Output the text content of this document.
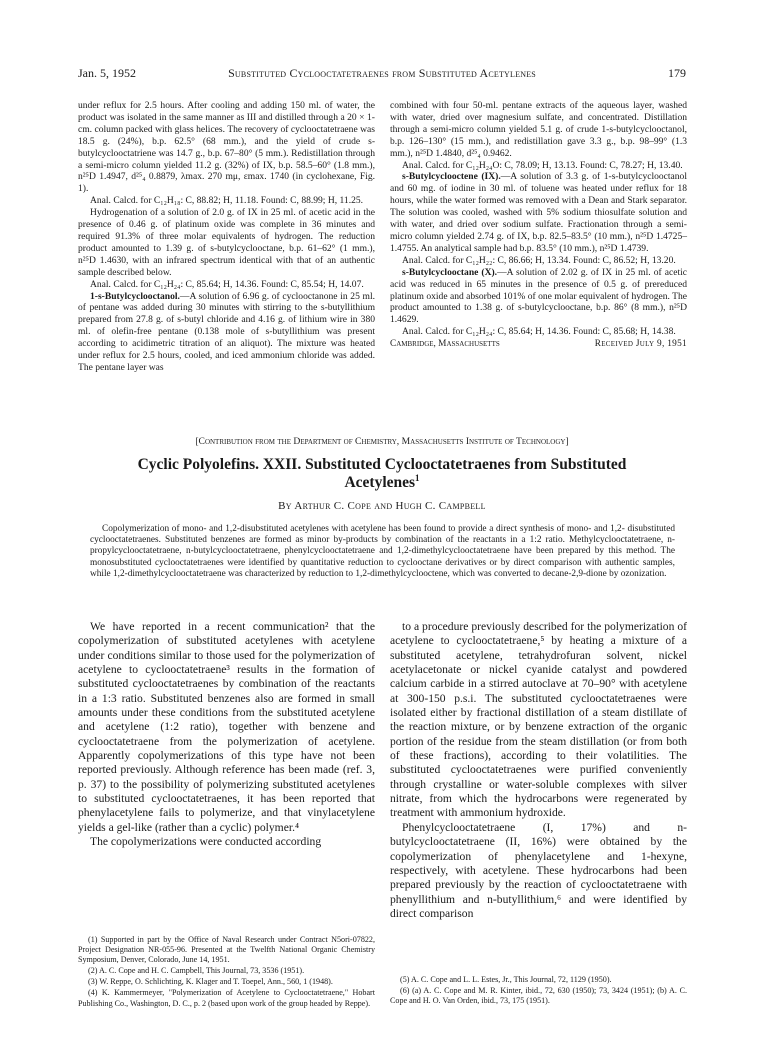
Jan. 5, 1952	Substituted Cyclooctatetraenes from Substituted Acetylenes	179

under reflux for 2.5 hours. After cooling and adding 150 ml. of water, the product was isolated in the same manner as III and distilled through a 20 × 1-cm. column packed with glass helices. The recovery of cyclooctatetraene was 18.5 g. (24%), b.p. 62.5° (68 mm.), and the yield of crude s-butylcyclooctatriene was 14.7 g., b.p. 67–80° (5 mm.). Redistillation through a semi-micro column yielded 11.2 g. (32%) of IX, b.p. 58.5–60° (1.8 mm.), n²⁵D 1.4947, d²⁵₄ 0.8879, λmax. 270 mμ, εmax. 1740 (in cyclohexane, Fig. 1).

Anal. Calcd. for C₁₂H₁₈: C, 88.82; H, 11.18. Found: C, 88.99; H, 11.25.

Hydrogenation of a solution of 2.0 g. of IX in 25 ml. of acetic acid in the presence of 0.46 g. of platinum oxide was complete in 36 minutes and required 91.3% of three molar equivalents of hydrogen. The reduction product amounted to 1.39 g. of s-butylcyclooctane, b.p. 61–62° (1 mm.), n²⁵D 1.4630, with an infrared spectrum identical with that of an authentic sample described below.

Anal. Calcd. for C₁₂H₂₄: C, 85.64; H, 14.36. Found: C, 85.54; H, 14.07.

1-s-Butylcyclooctanol.—A solution of 6.96 g. of cyclooctanone in 25 ml. of pentane was added during 30 minutes with stirring to the s-butyllithium prepared from 27.8 g. of s-butyl chloride and 4.16 g. of lithium wire in 380 ml. of olefin-free pentane (0.138 mole of s-butyllithium was present according to acidimetric titration of an aliquot). The mixture was heated under reflux for 2.5 hours, cooled, and iced ammonium chloride was added. The pentane layer was

combined with four 50-ml. pentane extracts of the aqueous layer, washed with water, dried over magnesium sulfate, and concentrated. Distillation through a semi-micro column yielded 5.1 g. of crude 1-s-butylcyclooctanol, b.p. 126–130° (15 mm.), and redistillation gave 3.3 g., b.p. 98–99° (1.3 mm.), n²⁵D 1.4840, d²⁵₄ 0.9462.

Anal. Calcd. for C₁₂H₂₄O: C, 78.09; H, 13.13. Found: C, 78.27; H, 13.40.

s-Butylcyclooctene (IX).—A solution of 3.3 g. of 1-s-butylcyclooctanol and 60 mg. of iodine in 30 ml. of toluene was heated under reflux for 18 hours, while the water formed was removed with a Dean and Stark separator. The solution was cooled, washed with 5% sodium thiosulfate solution and with water, and dried over sodium sulfate. Fractionation through a semi-micro column yielded 2.74 g. of IX, b.p. 82.5–83.5° (10 mm.), n²⁵D 1.4725–1.4755. An analytical sample had b.p. 83.5° (10 mm.), n²⁵D 1.4739.

Anal. Calcd. for C₁₂H₂₂: C, 86.66; H, 13.34. Found: C, 86.52; H, 13.20.

s-Butylcyclooctane (X).—A solution of 2.02 g. of IX in 25 ml. of acetic acid was reduced in 65 minutes in the presence of 0.5 g. of prereduced platinum oxide and absorbed 101% of one molar equivalent of hydrogen. The product amounted to 1.38 g. of s-butylcyclooctane, b.p. 86° (8 mm.), n²⁵D 1.4629.

Anal. Calcd. for C₁₂H₂₄: C, 85.64; H, 14.36. Found: C, 85.68; H, 14.38.

Cambridge, Massachusetts	Received July 9, 1951
[Contribution from the Department of Chemistry, Massachusetts Institute of Technology]
Cyclic Polyolefins. XXII. Substituted Cyclooctatetraenes from Substituted
Acetylenes$^1$
By Arthur C. Cope and Hugh C. Campbell

Copolymerization of mono- and 1,2-disubstituted acetylenes with acetylene has been found to provide a direct synthesis of mono- and 1,2- disubstituted cyclooctatetraenes. Substituted benzenes are formed as minor by-products by combination of the reactants in a 1:2 ratio. Methylcyclooctatetraene, n-propylcyclooctatetraene, n-butylcyclooctatetraene, phenylcyclooctatetraene and 1,2-dimethylcyclooctatetraene have been prepared by this method. The monosubstituted cyclooctatetraenes were identified by quantitative reduction to cyclooctane derivatives or by direct comparison with authentic samples, while 1,2-dimethylcyclooctatetraene was characterized by reduction to 1,2-dimethylcyclooctene, which was converted to decane-2,9-dione by ozonization.

We have reported in a recent communication² that the copolymerization of substituted acetylenes with acetylene under conditions similar to those used for the polymerization of acetylene to cyclooctatetraene³ results in the formation of substituted cyclooctatetraenes by combination of the reactants in a 1:3 ratio. Substituted benzenes also are formed in small amounts under these conditions from the substituted acetylene and acetylene (1:2 ratio), together with benzene and cyclooctatetraene from the polymerization of acetylene. Apparently copolymerizations of this type have not been reported previously. Although reference has been made (ref. 3, p. 37) to the possibility of polymerizing substituted acetylenes to substituted cyclooctatetraenes, it has been reported that phenylacetylene fails to polymerize, and that vinylacetylene yields a gel-like (rather than a cyclic) polymer.⁴

The copolymerizations were conducted according

to a procedure previously described for the polymerization of acetylene to cyclooctatetraene,⁵ by heating a mixture of a substituted acetylene, tetrahydrofuran solvent, nickel acetylacetonate or nickel cyanide catalyst and powdered calcium carbide in a stirred autoclave at 70–90° with acetylene at 300-150 p.s.i. The substituted cyclooctatetraenes were isolated either by fractional distillation of a steam distillate of the reaction mixture, or by benzene extraction of the organic portion of the residue from the steam distillation (or from both of these fractions), according to their volatilities. The substituted cyclooctatetraenes were purified conveniently through crystalline or water-soluble complexes with silver nitrate, from which the hydrocarbons were regenerated by treatment with ammonium hydroxide.

Phenylcyclooctatetraene (I, 17%) and n-butylcyclooctatetraene (II, 16%) were obtained by the copolymerization of phenylacetylene and 1-hexyne, respectively, with acetylene. These hydrocarbons had been prepared previously by the reaction of cyclooctatetraene with phenyllithium and n-butyllithium,⁶ and were identified by direct comparison

(1) Supported in part by the Office of Naval Research under Contract N5ori-07822, Project Designation NR-055-96. Presented at the Twelfth National Organic Chemistry Symposium, Denver, Colorado, June 14, 1951.

(2) A. C. Cope and H. C. Campbell, This Journal, 73, 3536 (1951).

(3) W. Reppe, O. Schlichting, K. Klager and T. Toepel, Ann., 560, 1 (1948).

(4) K. Kammermeyer, "Polymerization of Acetylene to Cyclooctatetraene," Hobart Publishing Co., Washington, D. C., p. 2 (based upon work of the group headed by Reppe).

(5) A. C. Cope and L. L. Estes, Jr., This Journal, 72, 1129 (1950).

(6) (a) A. C. Cope and M. R. Kinter, ibid., 72, 630 (1950); 73, 3424 (1951); (b) A. C. Cope and H. O. Van Orden, ibid., 73, 175 (1951).
